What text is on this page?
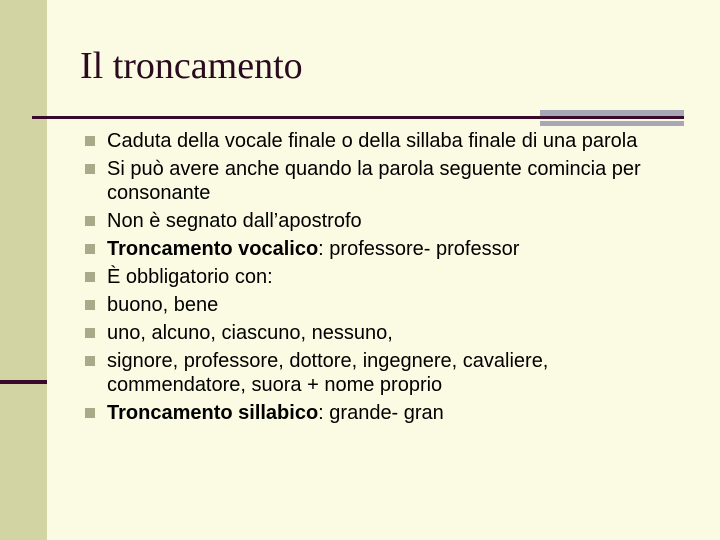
Il troncamento
Caduta della vocale finale o della sillaba finale di una parola
Si può avere anche quando la parola seguente comincia per consonante
Non è segnato dall’apostrofo
Troncamento vocalico: professore- professor
È obbligatorio con:
buono, bene
uno, alcuno, ciascuno, nessuno,
signore, professore, dottore, ingegnere, cavaliere, commendatore, suora + nome proprio
Troncamento sillabico: grande- gran
